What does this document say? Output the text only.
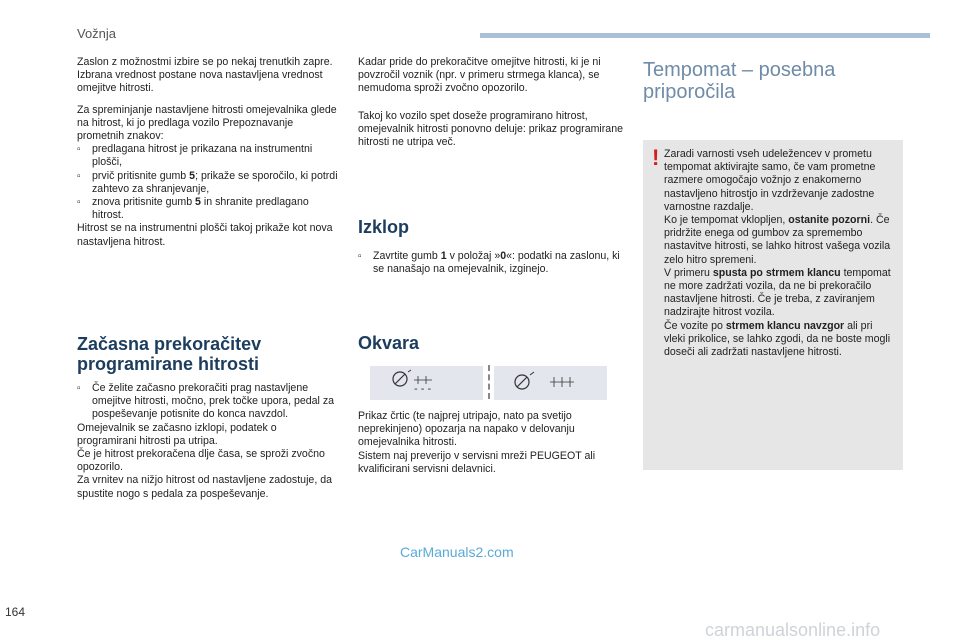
Vožnja

Zaslon z možnostmi izbire se po nekaj trenutkih zapre.
Izbrana vrednost postane nova nastavljena vrednost omejitve hitrosti.

Za spreminjanje nastavljene hitrosti omejevalnika glede na hitrost, ki jo predlaga vozilo Prepoznavanje prometnih znakov:

▫ predlagana hitrost je prikazana na instrumentni plošči,
▫ prvič pritisnite gumb 5; prikaže se sporočilo, ki potrdi zahtevo za shranjevanje,
▫ znova pritisnite gumb 5 in shranite predlagano hitrost.

Hitrost se na instrumentni plošči takoj prikaže kot nova nastavljena hitrost.

Začasna prekoračitev programirane hitrosti
▫ Če želite začasno prekoračiti prag nastavljene omejitve hitrosti, močno, prek točke upora, pedal za pospeševanje potisnite do konca navzdol.
Omejevalnik se začasno izklopi, podatek o programirani hitrosti pa utripa.
Če je hitrost prekoračena dlje časa, se sproži zvočno opozorilo.
Za vrnitev na nižjo hitrost od nastavljene zadostuje, da spustite nogo s pedala za pospeševanje.

Kadar pride do prekoračitve omejitve hitrosti, ki je ni povzročil voznik (npr. v primeru strmega klanca), se nemudoma sproži zvočno opozorilo.

Takoj ko vozilo spet doseže programirano hitrost, omejevalnik hitrosti ponovno deluje: prikaz programirane hitrosti ne utripa več.

Izklop
▫ Zavrtite gumb 1 v položaj »0«: podatki na zaslonu, ki se nanašajo na omejevalnik, izginejo.
Okvara
- - -
Prikaz črtic (te najprej utripajo, nato pa svetijo neprekinjeno) opozarja na napako v delovanju omejevalnika hitrosti.
Sistem naj preverijo v servisni mreži PEUGEOT ali kvalificirani servisni delavnici.
Tempomat – posebna priporočila
! Zaradi varnosti vseh udeležencev v prometu tempomat aktivirajte samo, če vam prometne razmere omogočajo vožnjo z enakomerno nastavljeno hitrostjo in vzdrževanje zadostne varnostne razdalje.
Ko je tempomat vklopljen, ostanite pozorni. Če pridržite enega od gumbov za spremembo nastavitve hitrosti, se lahko hitrost vašega vozila zelo hitro spremeni.
V primeru spusta po strmem klancu tempomat ne more zadržati vozila, da ne bi prekoračilo nastavljene hitrosti. Če je treba, z zaviranjem nadzirajte hitrost vozila.
Če vozite po strmem klancu navzgor ali pri vleki prikolice, se lahko zgodi, da ne boste mogli doseči ali zadržati nastavljene hitrosti.
CarManuals2.com
164
carmanualsonline.info
